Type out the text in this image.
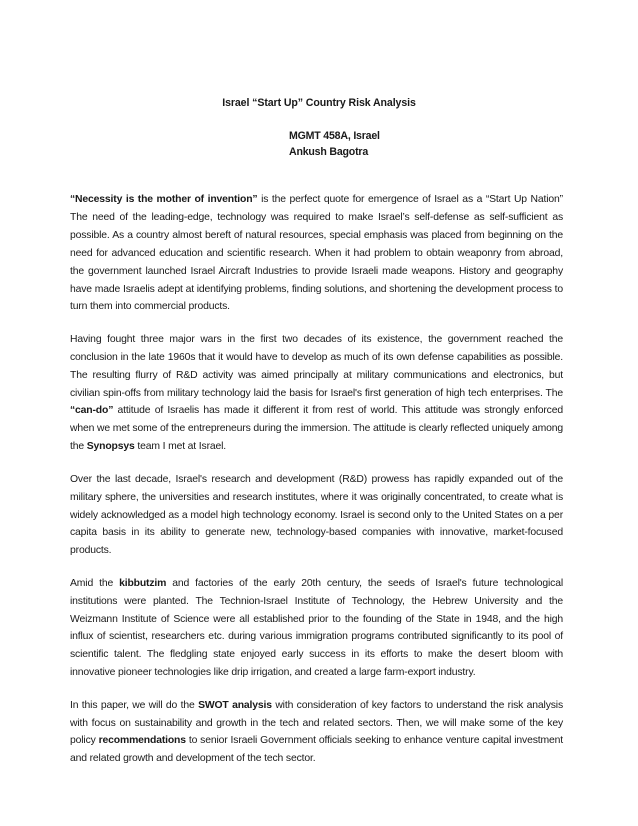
Israel “Start Up” Country Risk Analysis
MGMT 458A, Israel
Ankush Bagotra

“Necessity is the mother of invention” is the perfect quote for emergence of Israel as a “Start Up Nation” The need of the leading-edge, technology was required to make Israel’s self-defense as self-sufficient as possible. As a country almost bereft of natural resources, special emphasis was placed from beginning on the need for advanced education and scientific research. When it had problem to obtain weaponry from abroad, the government launched Israel Aircraft Industries to provide Israeli made weapons. History and geography have made Israelis adept at identifying problems, finding solutions, and shortening the development process to turn them into commercial products.

Having fought three major wars in the first two decades of its existence, the government reached the conclusion in the late 1960s that it would have to develop as much of its own defense capabilities as possible. The resulting flurry of R&D activity was aimed principally at military communications and electronics, but civilian spin-offs from military technology laid the basis for Israel's first generation of high tech enterprises. The “can-do” attitude of Israelis has made it different it from rest of world. This attitude was strongly enforced when we met some of the entrepreneurs during the immersion. The attitude is clearly reflected uniquely among the Synopsys team I met at Israel.

Over the last decade, Israel's research and development (R&D) prowess has rapidly expanded out of the military sphere, the universities and research institutes, where it was originally concentrated, to create what is widely acknowledged as a model high technology economy. Israel is second only to the United States on a per capita basis in its ability to generate new, technology-based companies with innovative, market-focused products.

Amid the kibbutzim and factories of the early 20th century, the seeds of Israel's future technological institutions were planted. The Technion-Israel Institute of Technology, the Hebrew University and the Weizmann Institute of Science were all established prior to the founding of the State in 1948, and the high influx of scientist, researchers etc. during various immigration programs contributed significantly to its pool of scientific talent. The fledgling state enjoyed early success in its efforts to make the desert bloom with innovative pioneer technologies like drip irrigation, and created a large farm-export industry.

In this paper, we will do the SWOT analysis with consideration of key factors to understand the risk analysis with focus on sustainability and growth in the tech and related sectors. Then, we will make some of the key policy recommendations to senior Israeli Government officials seeking to enhance venture capital investment and related growth and development of the tech sector.
